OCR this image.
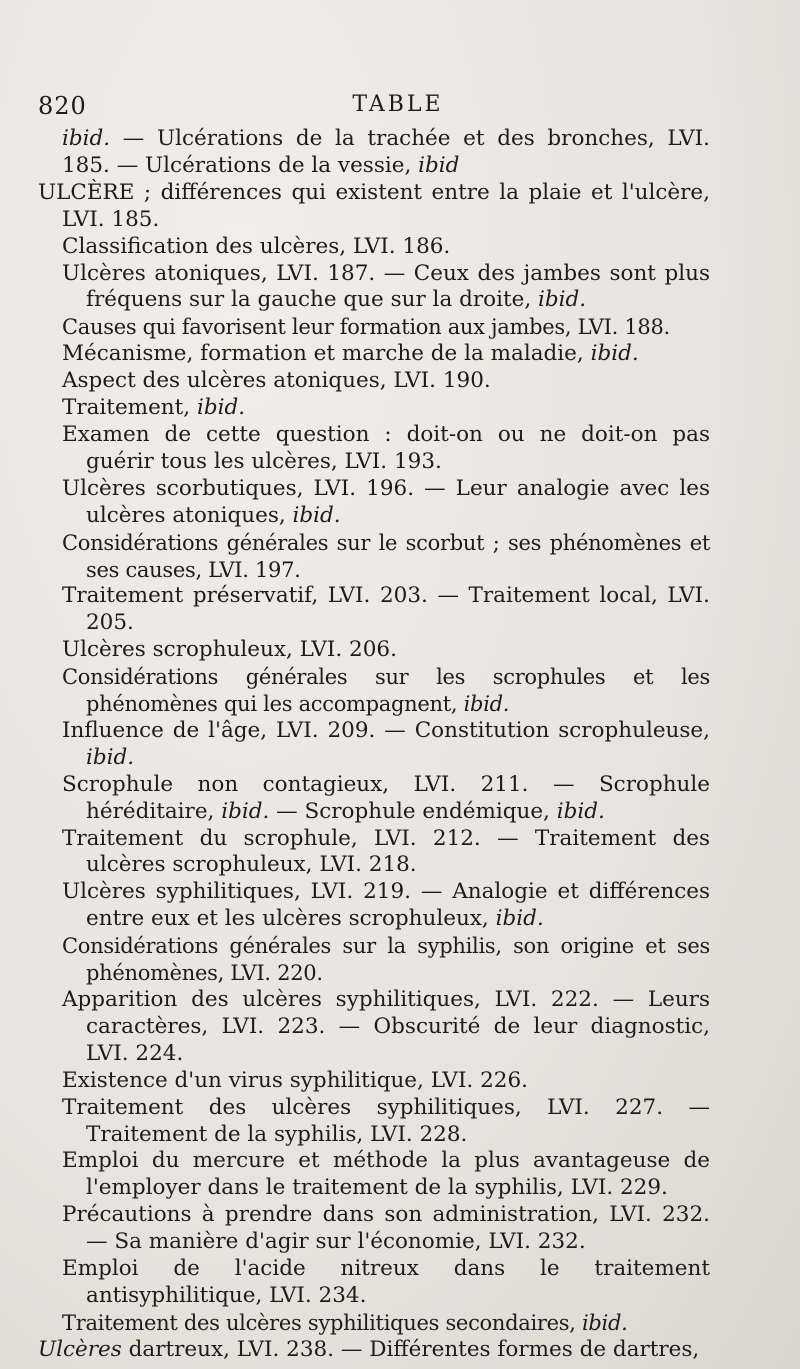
820	TABLE
ibid. — Ulcérations de la trachée et des bronches, LVI. 185. — Ulcérations de la vessie, ibid
ULCÈRE ; différences qui existent entre la plaie et l'ulcère, LVI. 185.
Classification des ulcères, LVI. 186.
Ulcères atoniques, LVI. 187. — Ceux des jambes sont plus fréquens sur la gauche que sur la droite, ibid.
Causes qui favorisent leur formation aux jambes, LVI. 188.
Mécanisme, formation et marche de la maladie, ibid.
Aspect des ulcères atoniques, LVI. 190.
Traitement, ibid.
Examen de cette question : doit-on ou ne doit-on pas guérir tous les ulcères, LVI. 193.
Ulcères scorbutiques, LVI. 196. — Leur analogie avec les ulcères atoniques, ibid.
Considérations générales sur le scorbut ; ses phénomènes et ses causes, LVI. 197.
Traitement préservatif, LVI. 203. — Traitement local, LVI. 205.
Ulcères scrophuleux, LVI. 206.
Considérations générales sur les scrophules et les phénomènes qui les accompagnent, ibid.
Influence de l'âge, LVI. 209. — Constitution scrophuleuse, ibid.
Scrophule non contagieux, LVI. 211. — Scrophule héréditaire, ibid. — Scrophule endémique, ibid.
Traitement du scrophule, LVI. 212. — Traitement des ulcères scrophuleux, LVI. 218.
Ulcères syphilitiques, LVI. 219. — Analogie et différences entre eux et les ulcères scrophuleux, ibid.
Considérations générales sur la syphilis, son origine et ses phénomènes, LVI. 220.
Apparition des ulcères syphilitiques, LVI. 222. — Leurs caractères, LVI. 223. — Obscurité de leur diagnostic, LVI. 224.
Existence d'un virus syphilitique, LVI. 226.
Traitement des ulcères syphilitiques, LVI. 227. — Traitement de la syphilis, LVI. 228.
Emploi du mercure et méthode la plus avantageuse de l'employer dans le traitement de la syphilis, LVI. 229.
Précautions à prendre dans son administration, LVI. 232. — Sa manière d'agir sur l'économie, LVI. 232.
Emploi de l'acide nitreux dans le traitement antisyphilitique, LVI. 234.
Traitement des ulcères syphilitiques secondaires, ibid.
Ulcères dartreux, LVI. 238. — Différentes formes de dartres,
